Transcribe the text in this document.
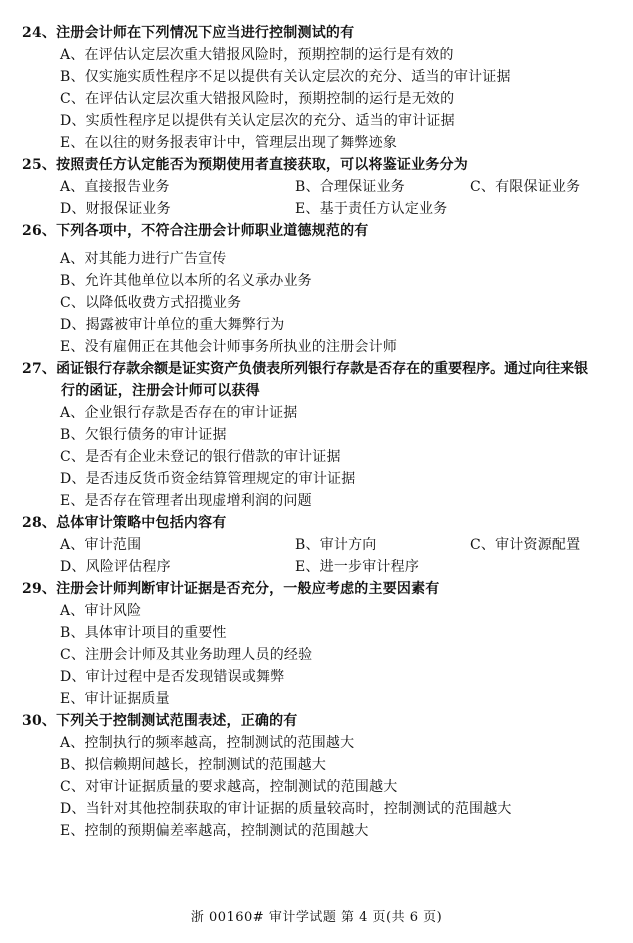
24、 注册会计师在下列情况下应当进行控制测试的有
A、在评估认定层次重大错报风险时，预期控制的运行是有效的
B、仅实施实质性程序不足以提供有关认定层次的充分、适当的审计证据
C、在评估认定层次重大错报风险时，预期控制的运行是无效的
D、实质性程序足以提供有关认定层次的充分、适当的审计证据
E、在以往的财务报表审计中，管理层出现了舞弊迹象
25、 按照责任方认定能否为预期使用者直接获取，可以将鉴证业务分为
A、直接报告业务	B、合理保证业务	C、有限保证业务
D、财报保证业务	E、基于责任方认定业务
26、 下列各项中，不符合注册会计师职业道德规范的有
A、对其能力进行广告宣传
B、允许其他单位以本所的名义承办业务
C、以降低收费方式招揽业务
D、揭露被审计单位的重大舞弊行为
E、没有雇佣正在其他会计师事务所执业的注册会计师
27、 函证银行存款余额是证实资产负债表所列银行存款是否存在的重要程序。通过向往来银
行的函证，注册会计师可以获得
A、企业银行存款是否存在的审计证据
B、欠银行债务的审计证据
C、是否有企业未登记的银行借款的审计证据
D、是否违反货币资金结算管理规定的审计证据
E、是否存在管理者出现虚增利润的问题
28、 总体审计策略中包括内容有
A、审计范围	B、审计方向	C、审计资源配置
D、风险评估程序	E、进一步审计程序
29、 注册会计师判断审计证据是否充分，一般应考虑的主要因素有
A、审计风险
B、具体审计项目的重要性
C、注册会计师及其业务助理人员的经验
D、审计过程中是否发现错误或舞弊
E、审计证据质量
30、 下列关于控制测试范围表述，正确的有
A、控制执行的频率越高，控制测试的范围越大
B、拟信赖期间越长，控制测试的范围越大
C、对审计证据质量的要求越高，控制测试的范围越大
D、当针对其他控制获取的审计证据的质量较高时，控制测试的范围越大
E、控制的预期偏差率越高，控制测试的范围越大
浙 00160# 审计学试题 第 4 页(共 6 页)
